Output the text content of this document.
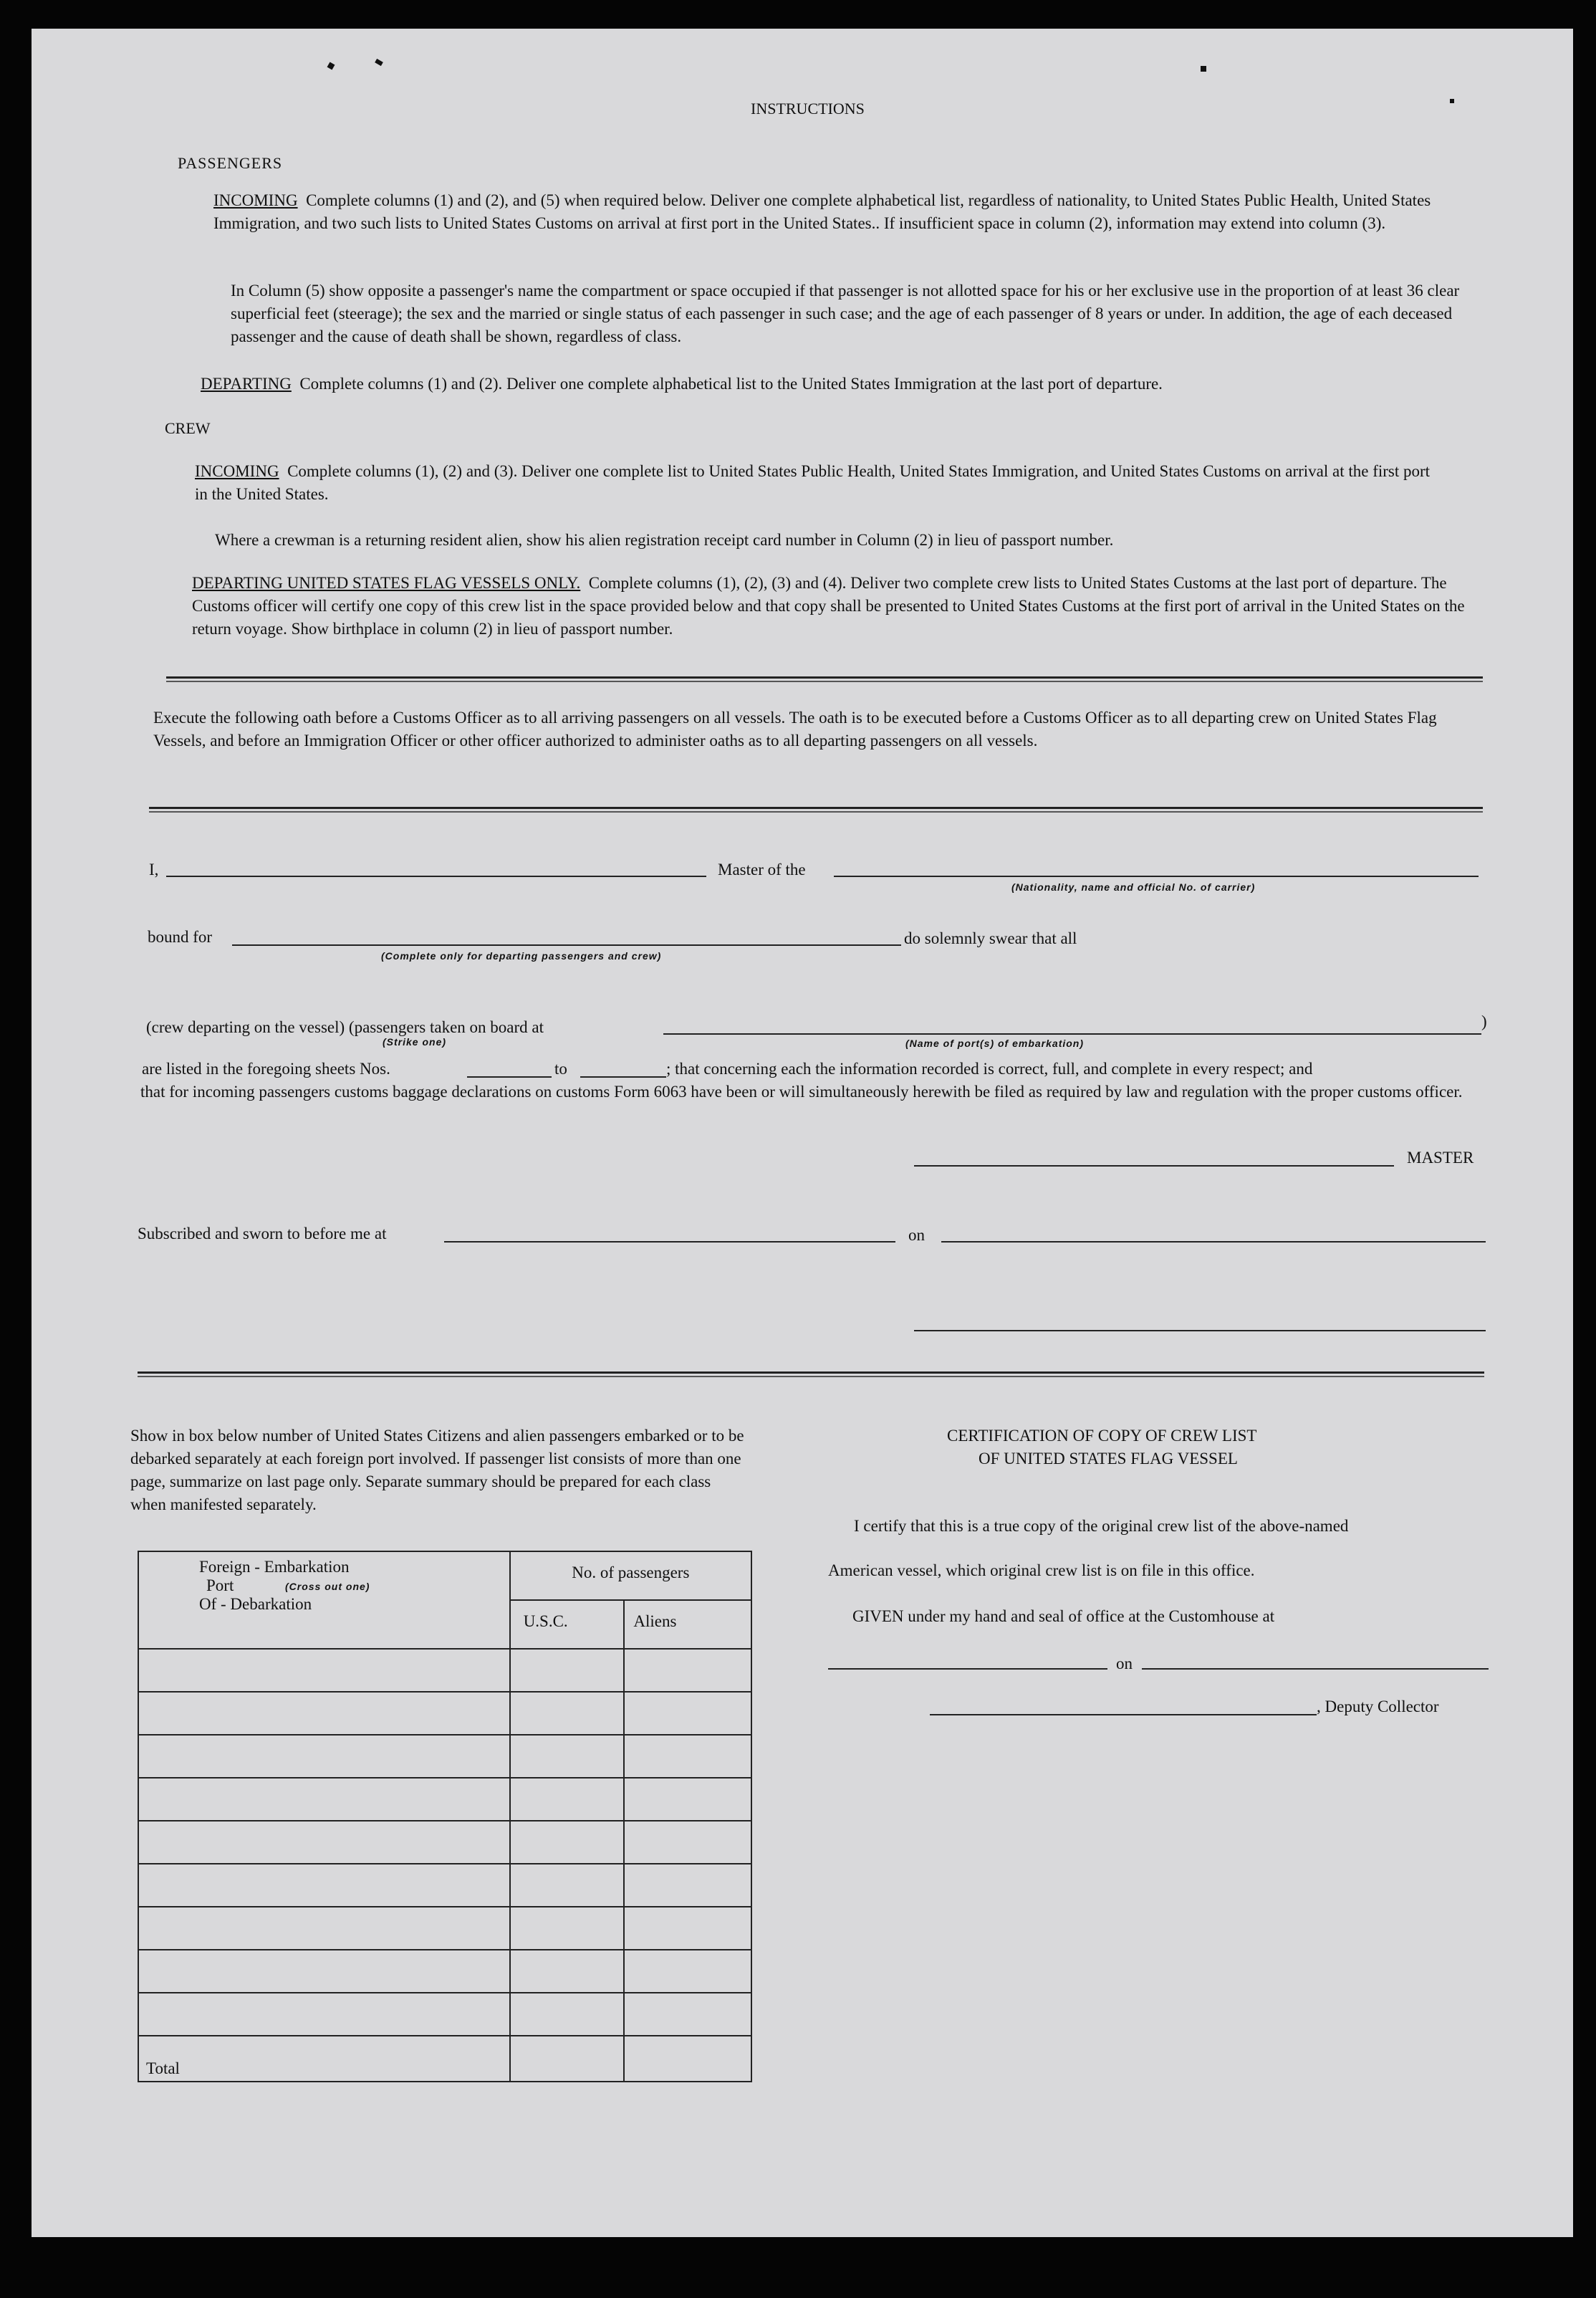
INSTRUCTIONS
PASSENGERS
INCOMING Complete columns (1) and (2), and (5) when required below. Deliver one complete alphabetical list, regardless of nationality, to United States Public Health, United States Immigration, and two such lists to United States Customs on arrival at first port in the United States.. If insufficient space in column (2), information may extend into column (3).
In Column (5) show opposite a passenger's name the compartment or space occupied if that passenger is not allotted space for his or her exclusive use in the proportion of at least 36 clear superficial feet (steerage); the sex and the married or single status of each passenger in such case; and the age of each passenger of 8 years or under. In addition, the age of each deceased passenger and the cause of death shall be shown, regardless of class.
DEPARTING Complete columns (1) and (2). Deliver one complete alphabetical list to the United States Immigration at the last port of departure.
CREW
INCOMING Complete columns (1), (2) and (3). Deliver one complete list to United States Public Health, United States Immigration, and United States Customs on arrival at the first port in the United States.
Where a crewman is a returning resident alien, show his alien registration receipt card number in Column (2) in lieu of passport number.
DEPARTING UNITED STATES FLAG VESSELS ONLY. Complete columns (1), (2), (3) and (4). Deliver two complete crew lists to United States Customs at the last port of departure. The Customs officer will certify one copy of this crew list in the space provided below and that copy shall be presented to United States Customs at the first port of arrival in the United States on the return voyage. Show birthplace in column (2) in lieu of passport number.
Execute the following oath before a Customs Officer as to all arriving passengers on all vessels. The oath is to be executed before a Customs Officer as to all departing crew on United States Flag Vessels, and before an Immigration Officer or other officer authorized to administer oaths as to all departing passengers on all vessels.
I,	Master of the
(Nationality, name and official No. of carrier)
bound for
(Complete only for departing passengers and crew)
do solemnly swear that all
(crew departing on the vessel) (passengers taken on board at
(Strike one)
)
(Name of port(s) of embarkation)
are listed in the foregoing sheets Nos.	to	; that concerning each the information recorded is correct, full, and complete in every respect; and
that for incoming passengers customs baggage declarations on customs Form 6063 have been or will simultaneously herewith be filed as required by law and regulation with the proper customs officer.
MASTER
Subscribed and sworn to before me at	on
Show in box below number of United States Citizens and alien passengers embarked or to be debarked separately at each foreign port involved. If passenger list consists of more than one page, summarize on last page only. Separate summary should be prepared for each class when manifested separately.
Foreign - Embarkation
Port (Cross out one)
Of - Debarkation	No. of passengers	
	U.S.C.	Aliens

Total		
CERTIFICATION OF COPY OF CREW LIST
OF UNITED STATES FLAG VESSEL
I certify that this is a true copy of the original crew list of the above-named
American vessel, which original crew list is on file in this office.
GIVEN under my hand and seal of office at the Customhouse at
on
, Deputy Collector
